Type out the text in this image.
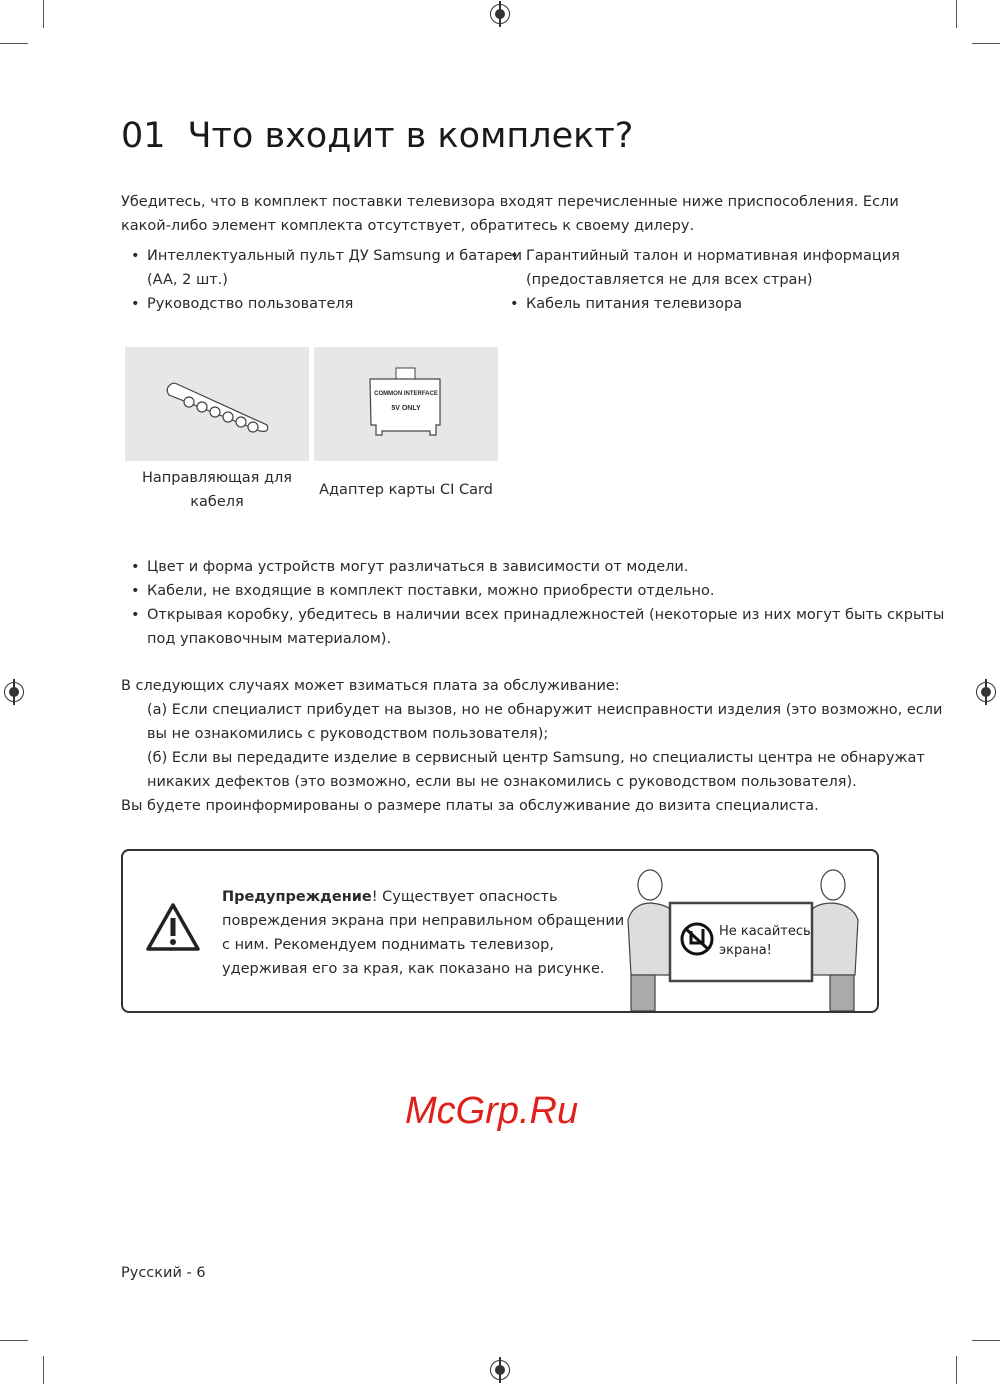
01 Что входит в комплект?
Убедитесь, что в комплект поставки телевизора входят перечисленные ниже приспособления. Если
какой-либо элемент комплекта отсутствует, обратитесь к своему дилеру.
• Интеллектуальный пульт ДУ Samsung и батареи
(AA, 2 шт.)
• Руководство пользователя
• Гарантийный талон и нормативная информация
(предоставляется не для всех стран)
• Кабель питания телевизора
COMMON INTERFACE
5V ONLY
Направляющая для
кабеля
Адаптер карты CI Card
• Цвет и форма устройств могут различаться в зависимости от модели.
• Кабели, не входящие в комплект поставки, можно приобрести отдельно.
• Открывая коробку, убедитесь в наличии всех принадлежностей (некоторые из них могут быть скрыты
под упаковочным материалом).
В следующих случаях может взиматься плата за обслуживание:
(а) Если специалист прибудет на вызов, но не обнаружит неисправности изделия (это возможно, если
вы не ознакомились с руководством пользователя);
(б) Если вы передадите изделие в сервисный центр Samsung, но специалисты центра не обнаружат
никаких дефектов (это возможно, если вы не ознакомились с руководством пользователя).
Вы будете проинформированы о размере платы за обслуживание до визита специалиста.
McGrp.Ru
Предупреждение! Существует опасность
повреждения экрана при неправильном обращении
с ним. Рекомендуем поднимать телевизор,
удерживая его за края, как показано на рисунке.
Не касайтесь
экрана!
Русский - 6
